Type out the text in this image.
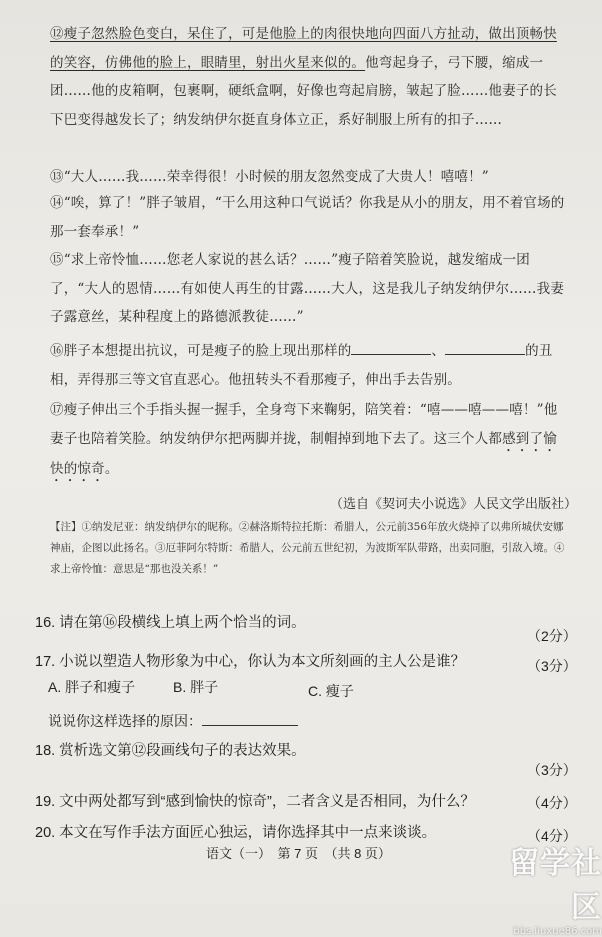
⑫瘦子忽然脸色变白，呆住了，可是他脸上的肉很快地向四面八方扯动，做出顶畅快的笑容，仿佛他的脸上，眼睛里，射出火星来似的。他弯起身子，弓下腰，缩成一团……他的皮箱啊，包裹啊，硬纸盒啊，好像也弯起肩膀，皱起了脸……他妻子的长下巴变得越发长了；纳发纳伊尔挺直身体立正，系好制服上所有的扣子……
⑬“大人……我……荣幸得很！小时候的朋友忽然变成了大贵人！嘻嘻！”
⑭“唉，算了！”胖子皱眉，“干么用这种口气说话？你我是从小的朋友，用不着官场的那一套奉承！”
⑮“求上帝怜恤……您老人家说的甚么话？……”瘦子陪着笑脸说，越发缩成一团了，“大人的恩情……有如使人再生的甘露……大人，这是我儿子纳发纳伊尔……我妻子露意丝，某种程度上的路德派教徒……”
⑯胖子本想提出抗议，可是瘦子的脸上现出那样的	、	的丑相，弄得那三等文官直恶心。他扭转头不看那瘦子，伸出手去告别。
⑰瘦子伸出三个手指头握一握手，全身弯下来鞠躬，陪笑着：“嘻——嘻——嘻！”他妻子也陪着笑脸。纳发纳伊尔把两脚并拢，制帽掉到地下去了。这三个人都感到了愉快的惊奇。
（选自《契诃夫小说选》人民文学出版社）
【注】①纳发尼亚：纳发纳伊尔的昵称。②赫洛斯特拉托斯：希腊人，公元前356年放火烧掉了以弗所城伏安娜神庙，企图以此扬名。③厄菲阿尔特斯：希腊人，公元前五世纪初，为波斯军队带路，出卖同胞，引敌入境。④求上帝怜恤：意思是“那也没关系！”
16. 请在第⑯段横线上填上两个恰当的词。
（2分）
17. 小说以塑造人物形象为中心，你认为本文所刻画的主人公是谁？	（3分）
A. 胖子和瘦子	B. 胖子	C. 瘦子
说说你这样选择的原因：
18. 赏析选文第⑫段画线句子的表达效果。
（3分）
19. 文中两处都写到“感到愉快的惊奇”，二者含义是否相同，为什么？	（4分）
20. 本文在写作手法方面匠心独运，请你选择其中一点来谈谈。	（4分）
语文（一）　第 7 页　（共 8 页）	留学社区
bbs.liuxue86.com
